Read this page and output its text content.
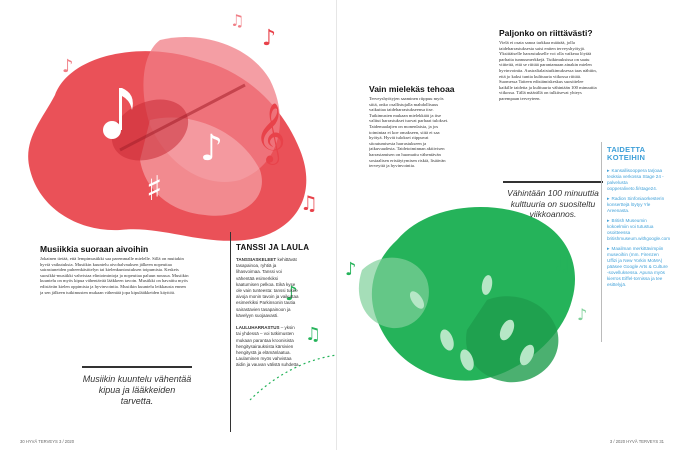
♯
♪ 𝄞
♪
♫
♪
♫
♪
♫
Musiikkia suoraan aivoihin

Jokainen tietää, että lempimusiikki saa paremmalle mielelle. Sillä on muitakin hyviä vaikutuksia. Musiikin kuuntelu aivohalvauksen jälkeen nopeuttaa sairastuneiden puheenkäsittelyn tai kielenkuntoutuksen toipumista. Keskeis suosikki-musiikki vahvistaa elintoimintoja ja nopeuttaa paluun nousua. Musiikin kuuntelu on myös kipua vähentävää lääkkeen tavoin. Musiikki on havaittu myös edistävän kielen oppimista ja hyvinvointia. Musiikin kuuntelu leikkausta ennen ja sen jälkeen tutkimusten mukaan vähentää jopa kipulääkkeiden käyttöä.

Musiikin kuuntelu vähentää kipua ja lääkkeiden tarvetta.

TANSSI JA LAULA
TANSSIASKELEET kehittävät tasapainoa, ryhtiä ja lihasvoimaa. Tanssi voi vähentää esimerkiksi kaatumisen pelkoa. Eikä kyse ole vain tunteesta: tanssi tukee aivoja monin tavoin ja vaikuttaa esimerkiksi Parkinsonin tautia sairastavien tasapainoon ja kävelyyn suojaavasti.

LAULUHARRASTUS – yksin tai yhdessä – voi tutkimusten mukaan parantaa kroonisista hengitysairauksista kärsivien hengitystä ja elämänlaatua. Laulaminen myös vahvistaa äidin ja vauvan välistä suhdetta.
30 HYVÄ TERVEYS 3 / 2020
♪	♫
♪
Vain mielekäs tehoaa

Terveyshyötyjen saaminen riippuu myös siitä, onko osallistujalla mahdollisuus vaikuttaa taideharrastukseensa itse. Tutkimusten mukaan mielekkäät ja itse valitut harrastukset tuovat parhaat tulokset. Taidemaalajien on monenlaisia, ja jos toimintaa ei koe omakseen, siitä ei saa hyötyä. Hyvät tulokset riippuvat sitoutumisesta harrastukseen ja jatkuvuudesta. Taidetoiminnan aktiivisen harrastamisen on huomattu vähentävän sosiaalisen eristäytymisen riskiä, lisäävän terveyttä ja hyvinvointia.

Vähintään 100 minuuttia kulttuuria on suositeltu viikkoannos.

Paljonko on riittävästi?

Vielä ei osata sanoa tarkkaa määrää, jolla taideharrastuksesta saisi eniten terveyshyötyjä. Yksittäiselle harrastukselle voi olla vaikeaa löytää parhaita tunnusmerkkejä. Tutkimuksissa on saatu viitteitä, että se riittää parantamaan ainakin mielen hyvinvointia. Australialaistutkimuksessa taas nähtiin, että jo kaksi tuntia kulttuuria viikossa riittää. Suomessa Taiteen edistämiskeskus suosittelee kaikille taidetta ja kulttuuria vähintään 100 minuuttia viikossa. Tällä määrällä on tulkitsevat yhteys parempaan terveyteen.

TAIDETTA KOTEIHIN

▸ Kansallisooppera tarjoaa teoksia verkossa Stage 24 -palvelusta oopperaliveto.fi/stage24.

▸ Radion Sinfoniaorkesterin konserttejä löytyy Yle Areenasta.

▸ British Museumin kokoelmiin voi tutustua osoitteessa britishmuseum.withgoogle.com

▸ Maailman merkittävimpiin museoihin (mm. Firenzen Uffizi ja New Yorkin MoMA) pääsee Google Arts & Culture -sovelluksessa. Apuna myös kierros Eiffel-tornissa ja tee esittelyjä.

3 / 2020 HYVÄ TERVEYS 31
